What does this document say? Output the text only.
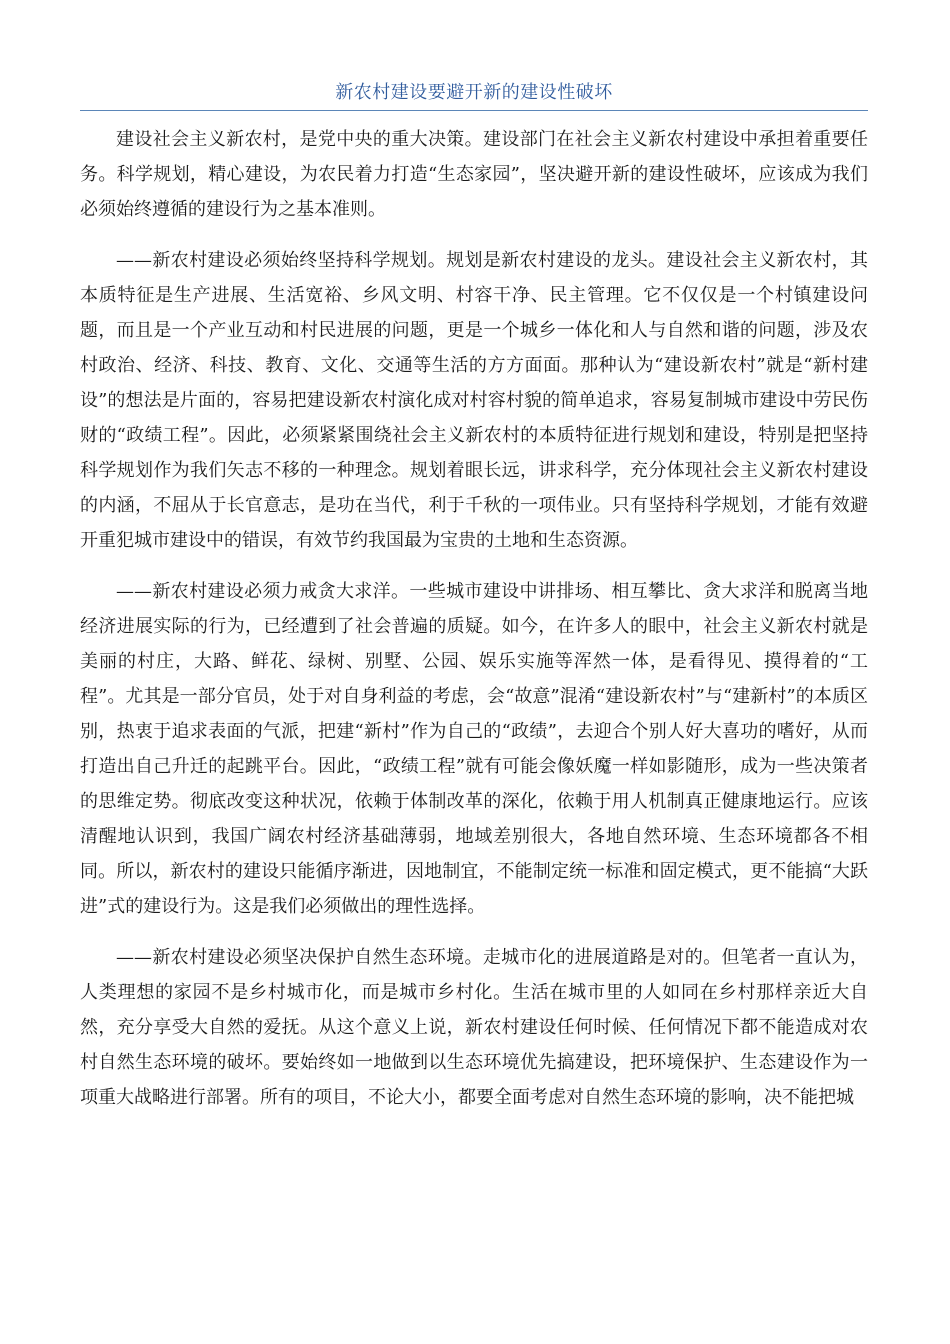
新农村建设要避开新的建设性破坏

建设社会主义新农村，是党中央的重大决策。建设部门在社会主义新农村建设中承担着重要任务。科学规划，精心建设，为农民着力打造“生态家园”，坚决避开新的建设性破坏，应该成为我们必须始终遵循的建设行为之基本准则。

——新农村建设必须始终坚持科学规划。规划是新农村建设的龙头。建设社会主义新农村，其本质特征是生产进展、生活宽裕、乡风文明、村容干净、民主管理。它不仅仅是一个村镇建设问题，而且是一个产业互动和村民进展的问题，更是一个城乡一体化和人与自然和谐的问题，涉及农村政治、经济、科技、教育、文化、交通等生活的方方面面。那种认为“建设新农村”就是“新村建设”的想法是片面的，容易把建设新农村演化成对村容村貌的简单追求，容易复制城市建设中劳民伤财的“政绩工程”。因此，必须紧紧围绕社会主义新农村的本质特征进行规划和建设，特别是把坚持科学规划作为我们矢志不移的一种理念。规划着眼长远，讲求科学，充分体现社会主义新农村建设的内涵，不屈从于长官意志，是功在当代，利于千秋的一项伟业。只有坚持科学规划，才能有效避开重犯城市建设中的错误，有效节约我国最为宝贵的土地和生态资源。

——新农村建设必须力戒贪大求洋。一些城市建设中讲排场、相互攀比、贪大求洋和脱离当地经济进展实际的行为，已经遭到了社会普遍的质疑。如今，在许多人的眼中，社会主义新农村就是美丽的村庄，大路、鲜花、绿树、别墅、公园、娱乐实施等浑然一体，是看得见、摸得着的“工程”。尤其是一部分官员，处于对自身利益的考虑，会“故意”混淆“建设新农村”与“建新村”的本质区别，热衷于追求表面的气派，把建“新村”作为自己的“政绩”，去迎合个别人好大喜功的嗜好，从而打造出自己升迁的起跳平台。因此，“政绩工程”就有可能会像妖魔一样如影随形，成为一些决策者的思维定势。彻底改变这种状况，依赖于体制改革的深化，依赖于用人机制真正健康地运行。应该清醒地认识到，我国广阔农村经济基础薄弱，地域差别很大，各地自然环境、生态环境都各不相同。所以，新农村的建设只能循序渐进，因地制宜，不能制定统一标准和固定模式，更不能搞“大跃进”式的建设行为。这是我们必须做出的理性选择。

——新农村建设必须坚决保护自然生态环境。走城市化的进展道路是对的。但笔者一直认为，人类理想的家园不是乡村城市化，而是城市乡村化。生活在城市里的人如同在乡村那样亲近大自然，充分享受大自然的爱抚。从这个意义上说，新农村建设任何时候、任何情况下都不能造成对农村自然生态环境的破坏。要始终如一地做到以生态环境优先搞建设，把环境保护、生态建设作为一项重大战略进行部署。所有的项目，不论大小，都要全面考虑对自然生态环境的影响，决不能把城
